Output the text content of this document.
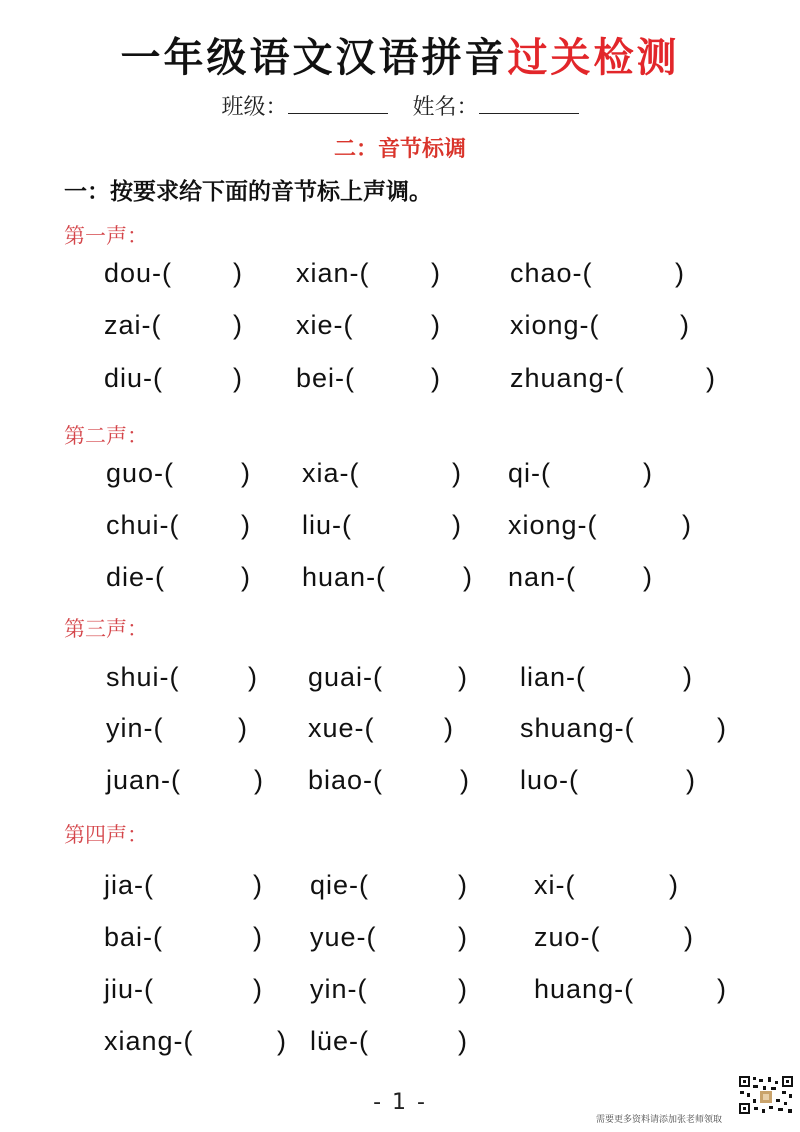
一年级语文汉语拼音过关检测
班级：	姓名：
二：音节标调
一：按要求给下面的音节标上声调。
第一声：
dou-( ) xian-( )	chao-(	)
zai-(	) xie-(	)	xiong-(	)
diu-(	) bei-(	)	zhuang-(	)
第二声：
guo-( ) xia-(	) qi-(	)
chui-( ) liu-(	) xiong-(	)
die-(	) huan-(	) nan-( )
第三声：
shui-(	) guai-(	) lian-(	)
yin-(	) xue-(	) shuang-(	)
juan-(	) biao-(	) luo-(	)
第四声：
jia-(	) qie-(	) xi-(	)
bai-(	) yue-(	) zuo-(	)
jiu-(	) yin-(	) huang-(	)
xiang-(	) lüe-(	)
- 1 -
需要更多资料请添加张老师领取
